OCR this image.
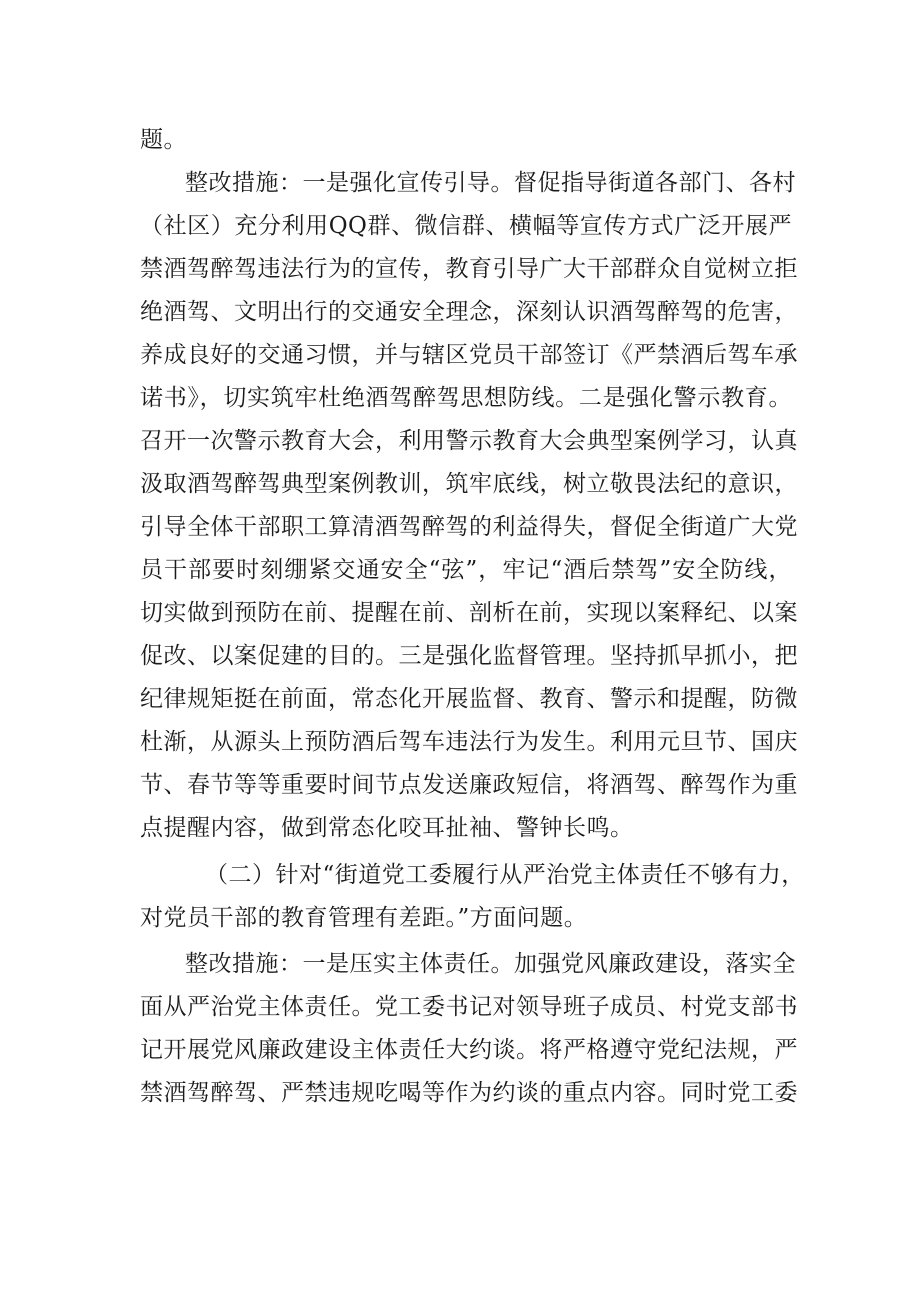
题。
整改措施：一是强化宣传引导。督促指导街道各部门、各村
（社区）充分利用QQ群、微信群、横幅等宣传方式广泛开展严
禁酒驾醉驾违法行为的宣传，教育引导广大干部群众自觉树立拒
绝酒驾、文明出行的交通安全理念，深刻认识酒驾醉驾的危害，
养成良好的交通习惯，并与辖区党员干部签订《严禁酒后驾车承
诺书》，切实筑牢杜绝酒驾醉驾思想防线。二是强化警示教育。
召开一次警示教育大会，利用警示教育大会典型案例学习，认真
汲取酒驾醉驾典型案例教训，筑牢底线，树立敬畏法纪的意识，
引导全体干部职工算清酒驾醉驾的利益得失，督促全街道广大党
员干部要时刻绷紧交通安全“弦”，牢记“酒后禁驾”安全防线，
切实做到预防在前、提醒在前、剖析在前，实现以案释纪、以案
促改、以案促建的目的。三是强化监督管理。坚持抓早抓小，把
纪律规矩挺在前面，常态化开展监督、教育、警示和提醒，防微
杜渐，从源头上预防酒后驾车违法行为发生。利用元旦节、国庆
节、春节等等重要时间节点发送廉政短信，将酒驾、醉驾作为重
点提醒内容，做到常态化咬耳扯袖、警钟长鸣。
（二）针对“街道党工委履行从严治党主体责任不够有力，
对党员干部的教育管理有差距。”方面问题。
整改措施：一是压实主体责任。加强党风廉政建设，落实全
面从严治党主体责任。党工委书记对领导班子成员、村党支部书
记开展党风廉政建设主体责任大约谈。将严格遵守党纪法规，严
禁酒驾醉驾、严禁违规吃喝等作为约谈的重点内容。同时党工委
